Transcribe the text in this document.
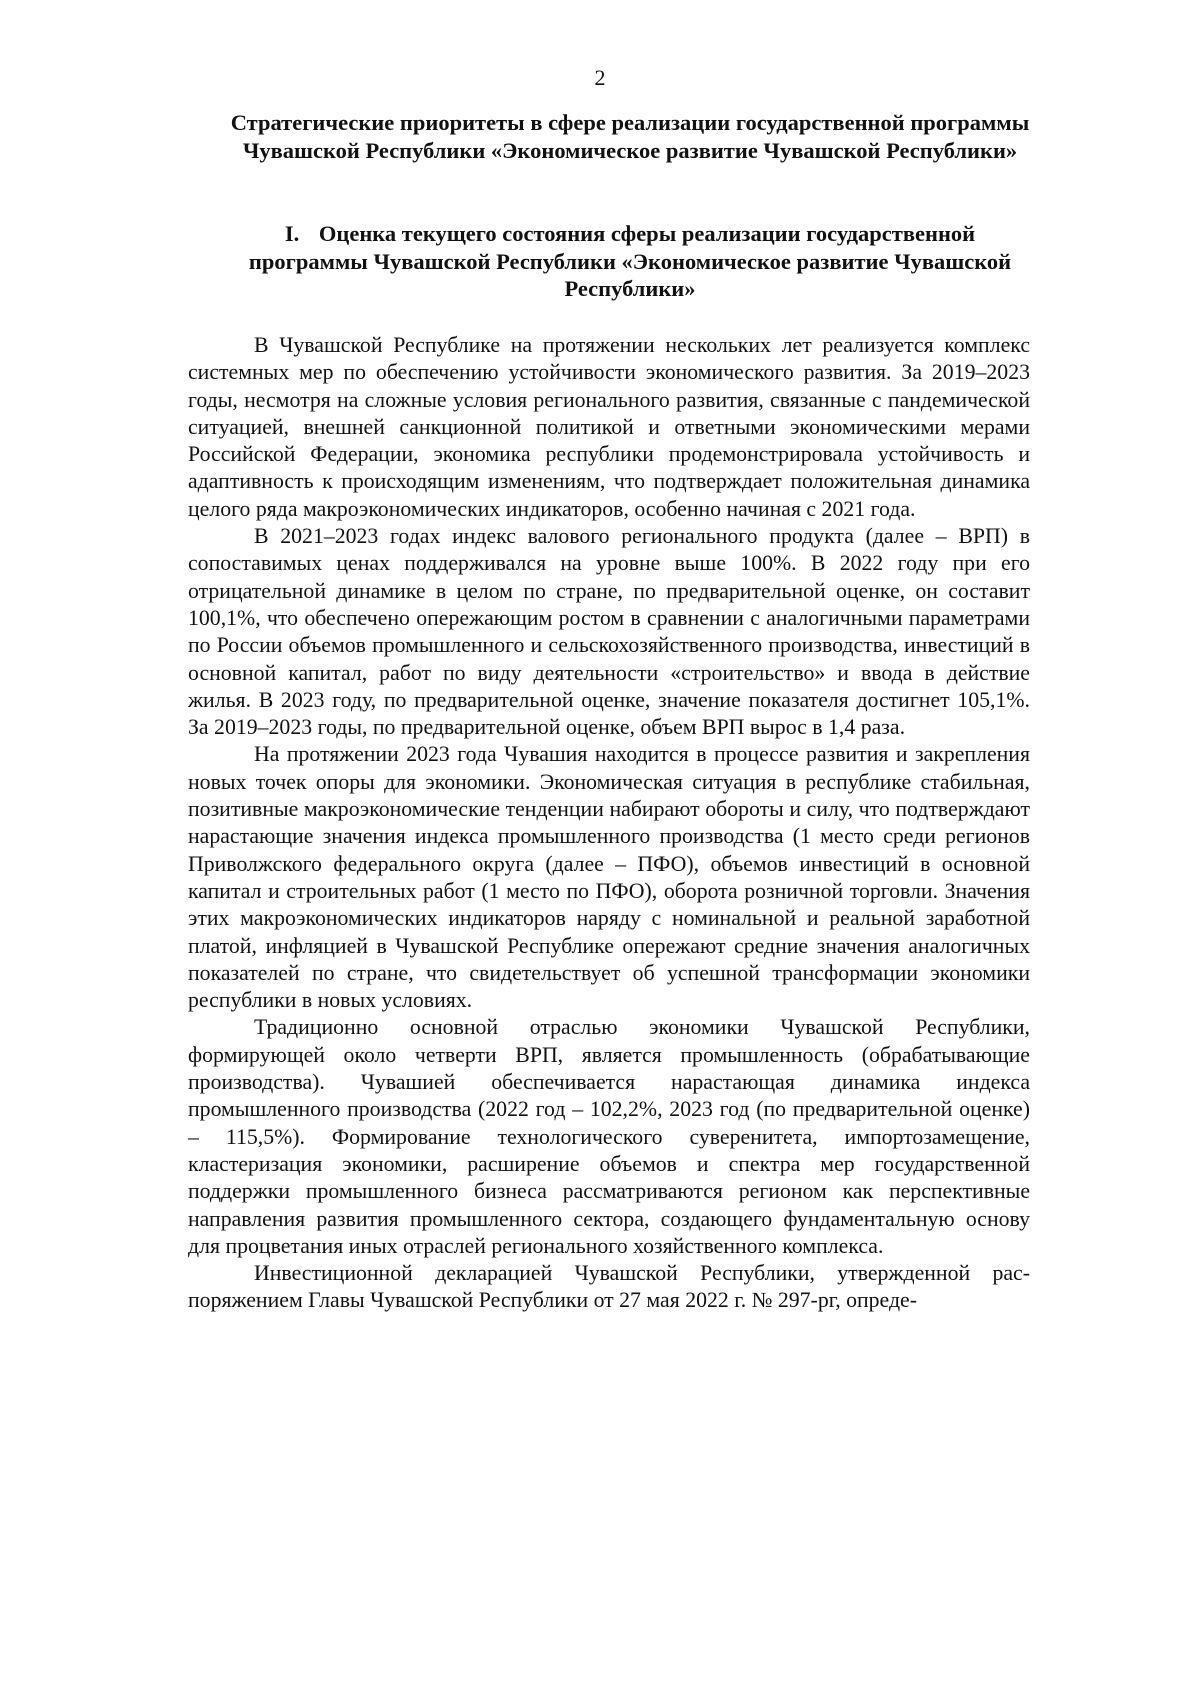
2
Стратегические приоритеты в сфере реализации государственной программы Чувашской Республики «Экономическое развитие Чувашской Республики»
I. Оценка текущего состояния сферы реализации государственной
программы Чувашской Республики «Экономическое развитие Чувашской Республики»

В Чувашской Республике на протяжении нескольких лет реализуется комплекс системных мер по обеспечению устойчивости экономического развития. За 2019–2023 годы, несмотря на сложные условия регионального развития, связанные с пандемической ситуацией, внешней санкционной политикой и ответными экономическими мерами Российской Федерации, экономика республики продемонстрировала устойчивость и адаптивность к происходящим изменениям, что подтверждает положительная динамика целого ряда макроэкономических индикаторов, особенно начиная с 2021 года.

В 2021–2023 годах индекс валового регионального продукта (далее – ВРП) в сопоставимых ценах поддерживался на уровне выше 100%. В 2022 году при его отрицательной динамике в целом по стране, по предварительной оценке, он составит 100,1%, что обеспечено опережающим ростом в сравнении с аналогичными параметрами по России объемов промышленного и сельскохозяйственного производства, инвестиций в основной капитал, работ по виду деятельности «строительство» и ввода в действие жилья. В 2023 году, по предварительной оценке, значение показателя достигнет 105,1%. За 2019–2023 годы, по предварительной оценке, объем ВРП вырос в 1,4 раза.

На протяжении 2023 года Чувашия находится в процессе развития и закрепления новых точек опоры для экономики. Экономическая ситуация в республике стабильная, позитивные макроэкономические тенденции набирают обороты и силу, что подтверждают нарастающие значения индекса промышленного производства (1 место среди регионов Приволжского федерального округа (далее – ПФО), объемов инвестиций в основной капитал и строительных работ (1 место по ПФО), оборота розничной торговли. Значения этих макроэкономических индикаторов наряду с номинальной и реальной заработной платой, инфляцией в Чувашской Республике опережают средние значения аналогичных показателей по стране, что свидетельствует об успешной трансформации экономики республики в новых условиях.

Традиционно основной отраслью экономики Чувашской Республики, формирующей около четверти ВРП, является промышленность (обрабатывающие производства). Чувашией обеспечивается нарастающая динамика индекса промышленного производства (2022 год – 102,2%, 2023 год (по предварительной оценке) – 115,5%). Формирование технологического суверенитета, импортозамещение, кластеризация экономики, расширение объемов и спектра мер государственной поддержки промышленного бизнеса рассматриваются регионом как перспективные направления развития промышленного сектора, создающего фундаментальную основу для процветания иных отраслей регионального хозяйственного комплекса.

Инвестиционной декларацией Чувашской Республики, утвержденной распоряжением Главы Чувашской Республики от 27 мая 2022 г. № 297-рг, опреде-
